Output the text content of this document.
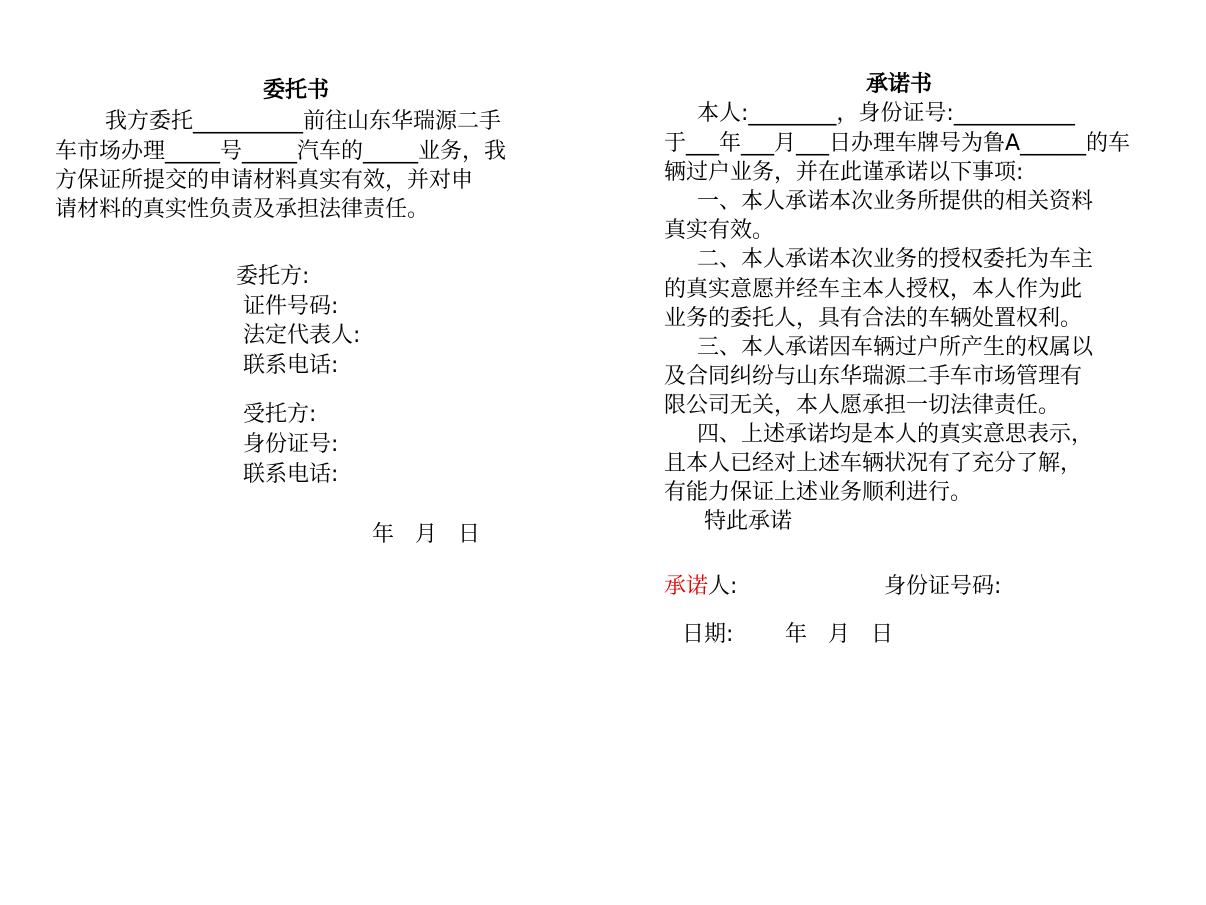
委托书
我方委托__________前往山东华瑞源二手
车市场办理_____号_____汽车的_____业务，我
方保证所提交的申请材料真实有效，并对申
请材料的真实性负责及承担法律责任。
委托方:
证件号码:
法定代表人:
联系电话:
受托方:
身份证号:
联系电话:
年   月   日
承诺书
本人:________，身份证号:___________
于___年___月___日办理车牌号为鲁A______的车
辆过户业务，并在此谨承诺以下事项:
一、本人承诺本次业务所提供的相关资料
真实有效。
二、本人承诺本次业务的授权委托为车主
的真实意愿并经车主本人授权，本人作为此
业务的委托人，具有合法的车辆处置权利。
三、本人承诺因车辆过户所产生的权属以
及合同纠纷与山东华瑞源二手车市场管理有
限公司无关，本人愿承担一切法律责任。
四、上述承诺均是本人的真实意思表示，
且本人已经对上述车辆状况有了充分了解，
有能力保证上述业务顺利进行。
特此承诺
承诺人:	身份证号码:
日期: 年   月   日
